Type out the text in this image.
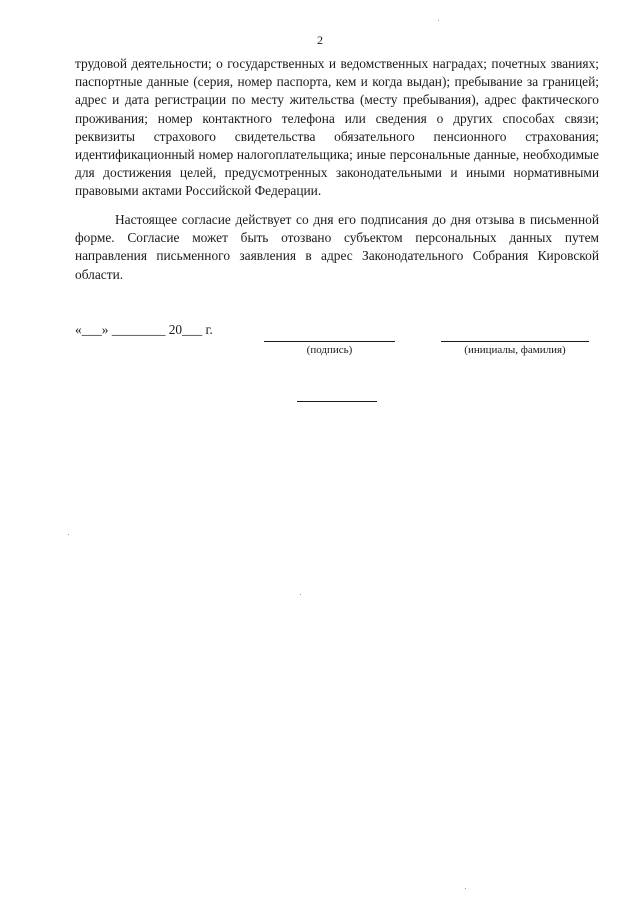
2

трудовой деятельности; о государственных и ведомственных наградах; почетных званиях; паспортные данные (серия, номер паспорта, кем и когда выдан); пребывание за границей; адрес и дата регистрации по месту жительства (месту пребывания), адрес фактического проживания; номер контактного телефона или сведения о других способах связи; реквизиты страхового свидетельства обязательного пенсионного страхования; идентификационный номер налогоплательщика; иные персональные данные, необходимые для достижения целей, предусмотренных законодательными и иными нормативными правовыми актами Российской Федерации.

Настоящее согласие действует со дня его подписания до дня отзыва в письменной форме. Согласие может быть отозвано субъектом персональных данных путем направления письменного заявления в адрес Законодательного Собрания Кировской области.

«___» ________ 20___ г.
(подпись)	(инициалы, фамилия)
